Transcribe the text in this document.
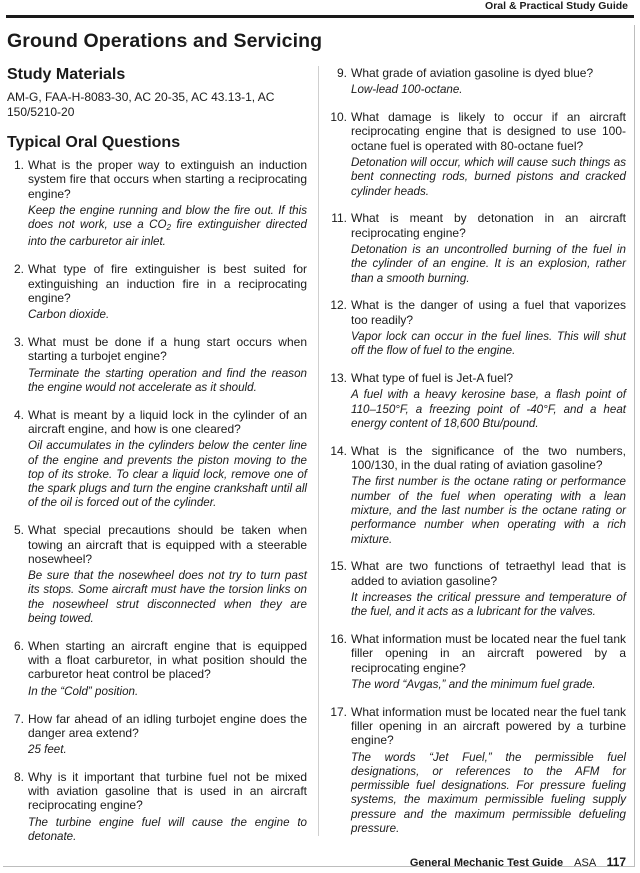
Oral & Practical Study Guide
Ground Operations and Servicing
Study Materials

AM-G, FAA-H-8083-30, AC 20-35, AC 43.13-1, AC 150/5210-20

Typical Oral Questions
1. What is the proper way to extinguish an induction system fire that occurs when starting a reciprocating engine?

Keep the engine running and blow the fire out. If this does not work, use a $CO_2$ fire extinguisher directed into the carburetor air inlet.

2. What type of fire extinguisher is best suited for extinguishing an induction fire in a reciprocating engine?

Carbon dioxide.

3. What must be done if a hung start occurs when starting a turbojet engine?

Terminate the starting operation and find the reason the engine would not accelerate as it should.

4. What is meant by a liquid lock in the cylinder of an aircraft engine, and how is one cleared?

Oil accumulates in the cylinders below the center line of the engine and prevents the piston moving to the top of its stroke. To clear a liquid lock, remove one of the spark plugs and turn the engine crankshaft until all of the oil is forced out of the cylinder.

5. What special precautions should be taken when towing an aircraft that is equipped with a steerable nosewheel?

Be sure that the nosewheel does not try to turn past its stops. Some aircraft must have the torsion links on the nosewheel strut disconnected when they are being towed.

6. When starting an aircraft engine that is equipped with a float carburetor, in what position should the carburetor heat control be placed?

In the “Cold” position.

7. How far ahead of an idling turbojet engine does the danger area extend?

25 feet.

8. Why is it important that turbine fuel not be mixed with aviation gasoline that is used in an aircraft reciprocating engine?

The turbine engine fuel will cause the engine to detonate.

9. What grade of aviation gasoline is dyed blue?

Low-lead 100-octane.

10. What damage is likely to occur if an aircraft reciprocating engine that is designed to use 100-octane fuel is operated with 80-octane fuel?

Detonation will occur, which will cause such things as bent connecting rods, burned pistons and cracked cylinder heads.

11. What is meant by detonation in an aircraft reciprocating engine?

Detonation is an uncontrolled burning of the fuel in the cylinder of an engine. It is an explosion, rather than a smooth burning.

12. What is the danger of using a fuel that vaporizes too readily?

Vapor lock can occur in the fuel lines. This will shut off the flow of fuel to the engine.

13. What type of fuel is Jet-A fuel?

A fuel with a heavy kerosine base, a flash point of 110–150°F, a freezing point of -40°F, and a heat energy content of 18,600 Btu/pound.

14. What is the significance of the two numbers, 100/130, in the dual rating of aviation gasoline?

The first number is the octane rating or performance number of the fuel when operating with a lean mixture, and the last number is the octane rating or performance number when operating with a rich mixture.

15. What are two functions of tetraethyl lead that is added to aviation gasoline?

It increases the critical pressure and temperature of the fuel, and it acts as a lubricant for the valves.

16. What information must be located near the fuel tank filler opening in an aircraft powered by a reciprocating engine?

The word “Avgas,” and the minimum fuel grade.

17. What information must be located near the fuel tank filler opening in an aircraft powered by a turbine engine?

The words “Jet Fuel,” the permissible fuel designations, or references to the AFM for permissible fuel designations. For pressure fueling systems, the maximum permissible fueling supply pressure and the maximum permissible defueling pressure.

General Mechanic Test Guide ASA 117
